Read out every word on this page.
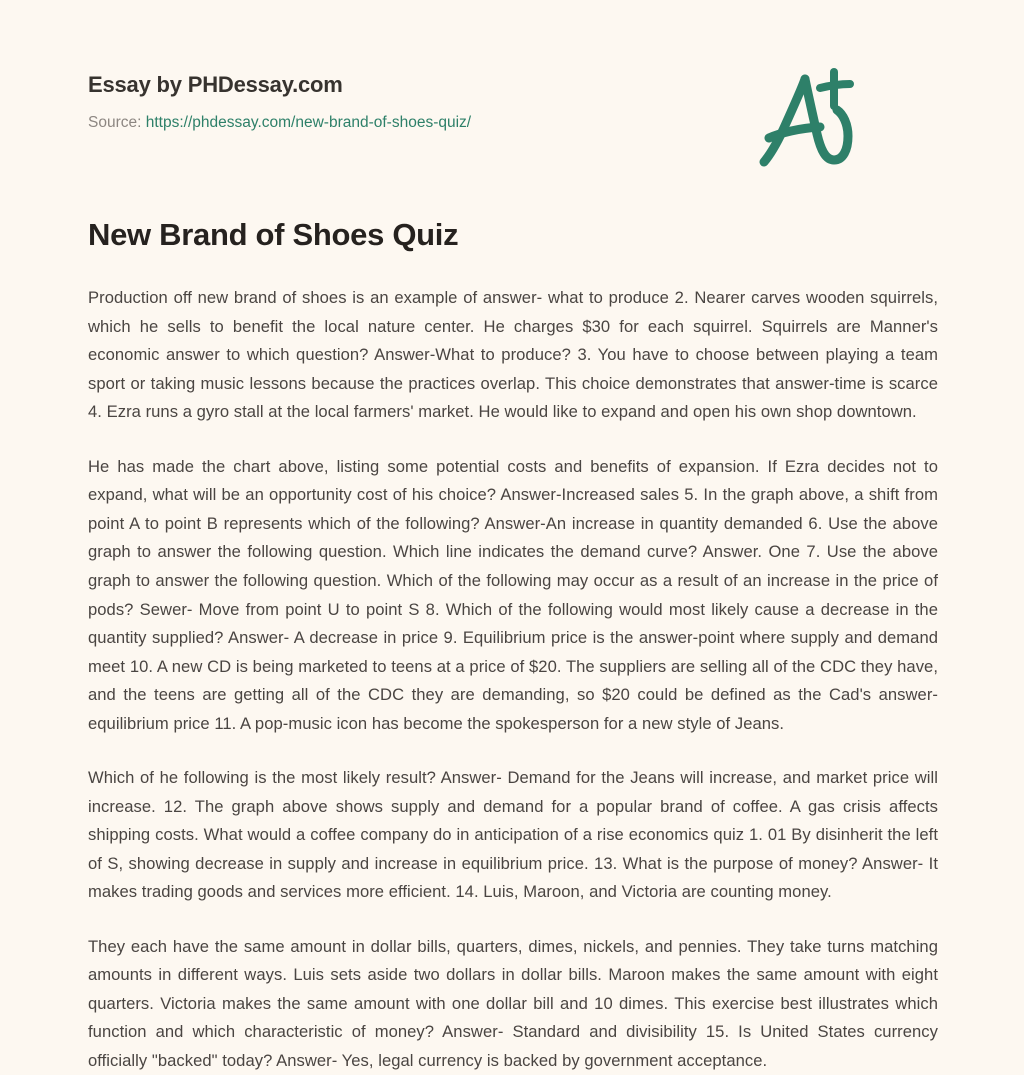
Essay by PHDessay.com
Source: https://phdessay.com/new-brand-of-shoes-quiz/
New Brand of Shoes Quiz

Production off new brand of shoes is an example of answer- what to produce 2. Nearer carves wooden squirrels, which he sells to benefit the local nature center. He charges $30 for each squirrel. Squirrels are Manner's economic answer to which question? Answer-What to produce? 3. You have to choose between playing a team sport or taking music lessons because the practices overlap. This choice demonstrates that answer-time is scarce 4. Ezra runs a gyro stall at the local farmers' market. He would like to expand and open his own shop downtown.

He has made the chart above, listing some potential costs and benefits of expansion. If Ezra decides not to expand, what will be an opportunity cost of his choice? Answer-Increased sales 5. In the graph above, a shift from point A to point B represents which of the following? Answer-An increase in quantity demanded 6. Use the above graph to answer the following question. Which line indicates the demand curve? Answer. One 7. Use the above graph to answer the following question. Which of the following may occur as a result of an increase in the price of pods? Sewer- Move from point U to point S 8. Which of the following would most likely cause a decrease in the quantity supplied? Answer- A decrease in price 9. Equilibrium price is the answer-point where supply and demand meet 10. A new CD is being marketed to teens at a price of $20. The suppliers are selling all of the CDC they have, and the teens are getting all of the CDC they are demanding, so $20 could be defined as the Cad's answer-equilibrium price 11. A pop-music icon has become the spokesperson for a new style of Jeans.

Which of he following is the most likely result? Answer- Demand for the Jeans will increase, and market price will increase. 12. The graph above shows supply and demand for a popular brand of coffee. A gas crisis affects shipping costs. What would a coffee company do in anticipation of a rise economics quiz 1. 01 By disinherit the left of S, showing decrease in supply and increase in equilibrium price. 13. What is the purpose of money? Answer- It makes trading goods and services more efficient. 14. Luis, Maroon, and Victoria are counting money.

They each have the same amount in dollar bills, quarters, dimes, nickels, and pennies. They take turns matching amounts in different ways. Luis sets aside two dollars in dollar bills. Maroon makes the same amount with eight quarters. Victoria makes the same amount with one dollar bill and 10 dimes. This exercise best illustrates which function and which characteristic of money? Answer- Standard and divisibility 15. Is United States currency officially "backed" today? Answer- Yes, legal currency is backed by government acceptance.
